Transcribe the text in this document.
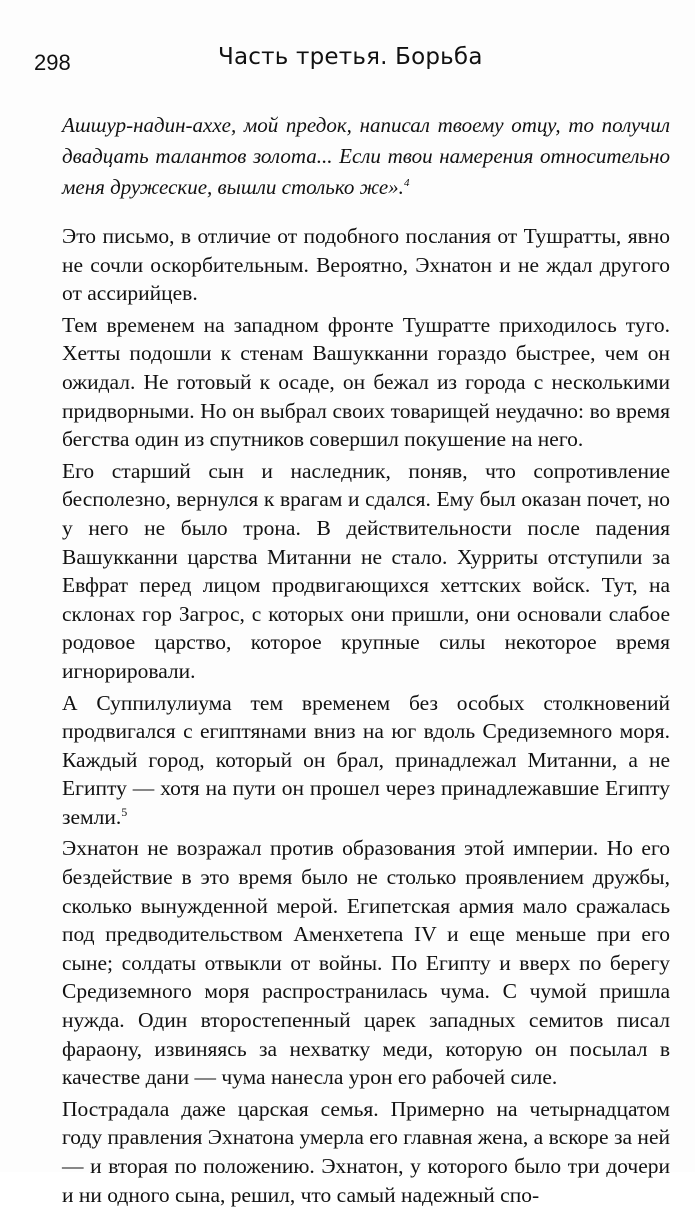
298	Часть третья. Борьба
Ашшур-надин-ахxe, мой предок, написал твоему отцу, то получил двадцать талантов золота... Если твои намерения относительно меня дружеские, вышли столько же».$^4$

Это письмо, в отличие от подобного послания от Тушратты, явно не сочли оскорбительным. Вероятно, Эхнатон и не ждал другого от ассирийцев.

Тем временем на западном фронте Тушратте приходилось туго. Хетты подошли к стенам Вашукканни гораздо быстрее, чем он ожидал. Не готовый к осаде, он бежал из города с несколькими придворными. Но он выбрал своих товарищей неудачно: во время бегства один из спутников совершил покушение на него.

Его старший сын и наследник, поняв, что сопротивление бесполезно, вернулся к врагам и сдался. Ему был оказан почет, но у него не было трона. В действительности после падения Вашукканни царства Митанни не стало. Хурриты отступили за Евфрат перед лицом продвигающихся хеттских войск. Тут, на склонах гор Загрос, с которых они пришли, они основали слабое родовое царство, которое крупные силы некоторое время игнорировали.

А Суппилулиума тем временем без особых столкновений продвигался с египтянами вниз на юг вдоль Средиземного моря. Каждый город, который он брал, принадлежал Митанни, а не Египту — хотя на пути он прошел через принадлежавшие Египту земли.$^5$

Эхнатон не возражал против образования этой империи. Но его бездействие в это время было не столько проявлением дружбы, сколько вынужденной мерой. Египетская армия мало сражалась под предводительством Аменхетепа IV и еще меньше при его сыне; солдаты отвыкли от войны. По Египту и вверх по берегу Средиземного моря распространилась чума. С чумой пришла нужда. Один второстепенный царек западных семитов писал фараону, извиняясь за нехватку меди, которую он посылал в качестве дани — чума нанесла урон его рабочей силе.

Пострадала даже царская семья. Примерно на четырнадцатом году правления Эхнатона умерла его главная жена, а вскоре за ней — и вторая по положению. Эхнатон, у которого было три дочери и ни одного сына, решил, что самый надежный спо-
